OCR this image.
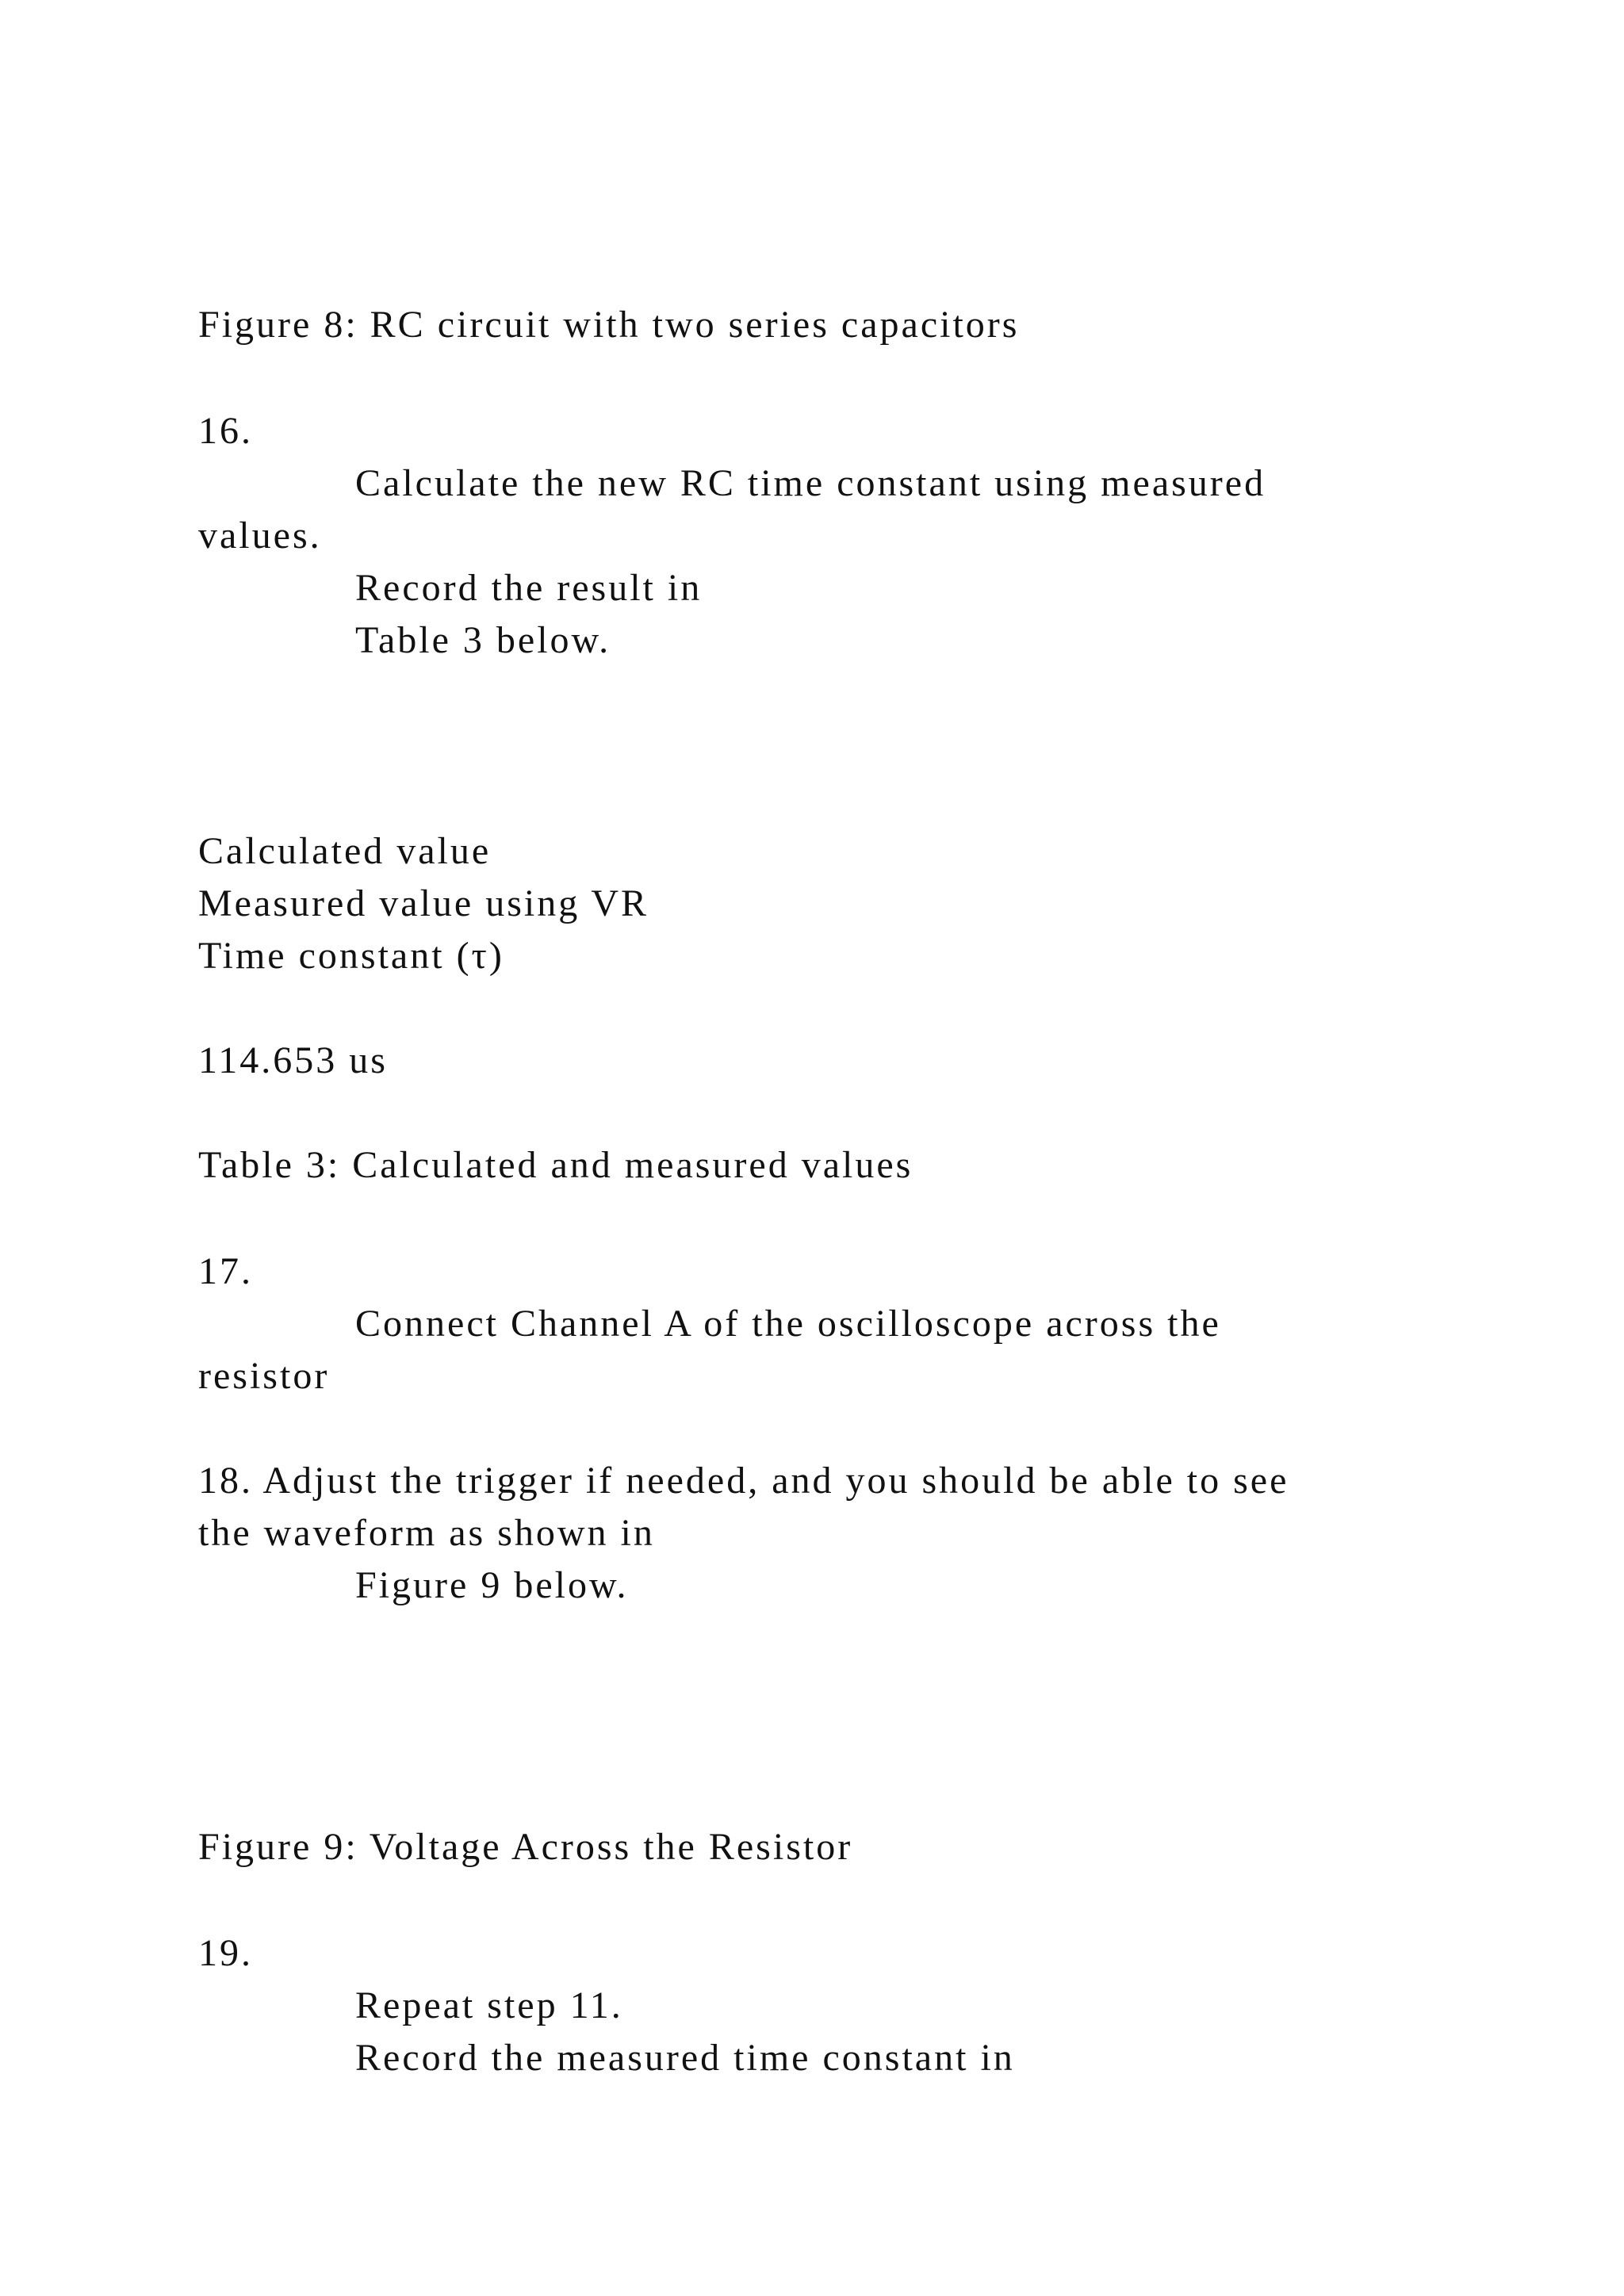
Figure 8: RC circuit with two series capacitors
16.
Calculate the new RC time constant using measured
values.
Record the result in
Table 3 below.
Calculated value
Measured value using VR
Time constant (τ)
114.653 us
Table 3: Calculated and measured values
17.
Connect Channel A of the oscilloscope across the
resistor
18. Adjust the trigger if needed, and you should be able to see
the waveform as shown in
Figure 9 below.
Figure 9: Voltage Across the Resistor
19.
Repeat step 11.
Record the measured time constant in
